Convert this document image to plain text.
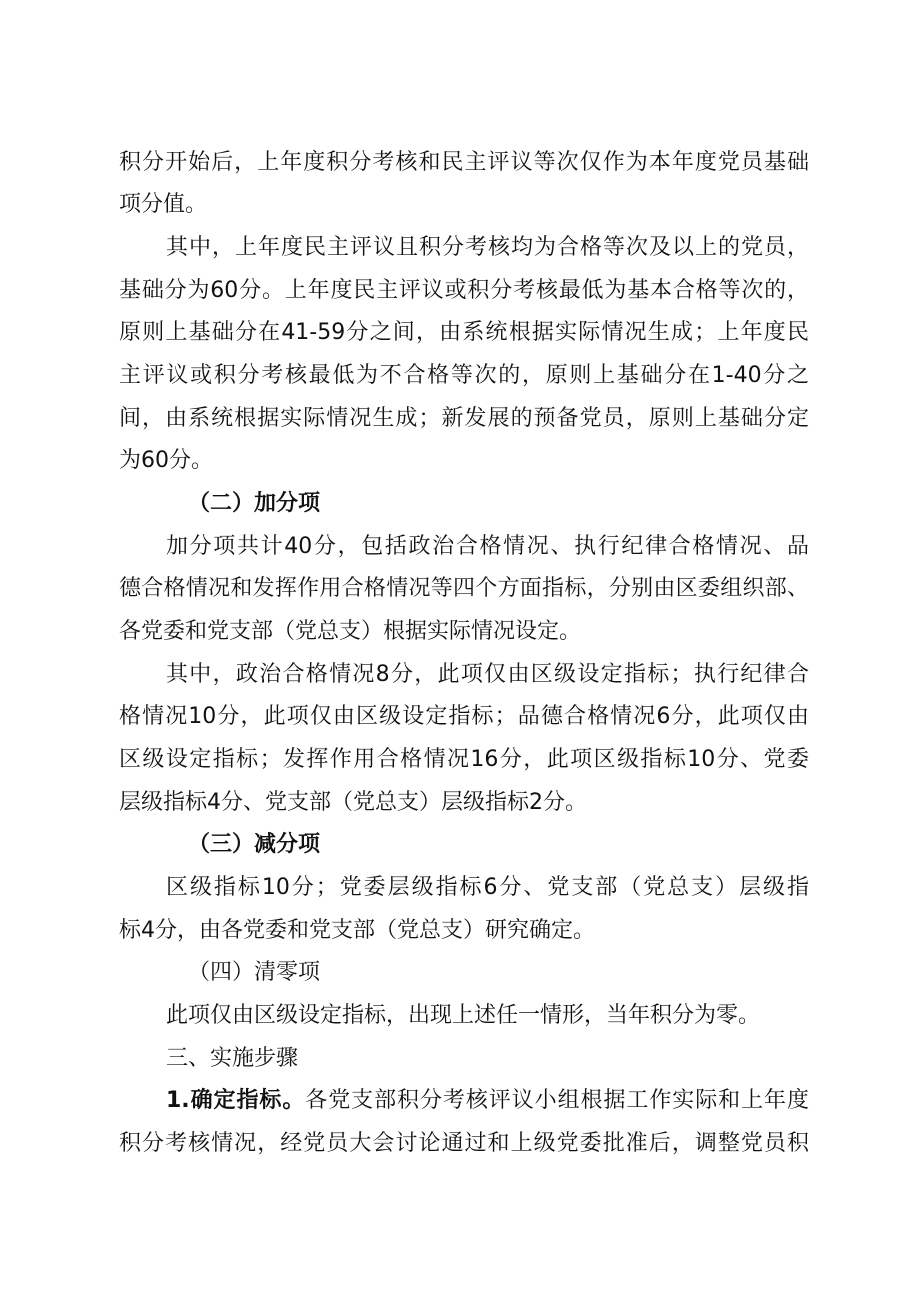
积分开始后，上年度积分考核和民主评议等次仅作为本年度党员基础
项分值。
其中，上年度民主评议且积分考核均为合格等次及以上的党员，
基础分为60分。上年度民主评议或积分考核最低为基本合格等次的，
原则上基础分在41-59分之间，由系统根据实际情况生成；上年度民
主评议或积分考核最低为不合格等次的，原则上基础分在1-40分之
间，由系统根据实际情况生成；新发展的预备党员，原则上基础分定
为60分。
（二）加分项
加分项共计40分，包括政治合格情况、执行纪律合格情况、品
德合格情况和发挥作用合格情况等四个方面指标，分别由区委组织部、
各党委和党支部（党总支）根据实际情况设定。
其中，政治合格情况8分，此项仅由区级设定指标；执行纪律合
格情况10分，此项仅由区级设定指标；品德合格情况6分，此项仅由
区级设定指标；发挥作用合格情况16分，此项区级指标10分、党委
层级指标4分、党支部（党总支）层级指标2分。
（三）减分项
区级指标10分；党委层级指标6分、党支部（党总支）层级指
标4分，由各党委和党支部（党总支）研究确定。
（四）清零项
此项仅由区级设定指标，出现上述任一情形，当年积分为零。
三、实施步骤
1.确定指标。各党支部积分考核评议小组根据工作实际和上年度
积分考核情况，经党员大会讨论通过和上级党委批准后，调整党员积
